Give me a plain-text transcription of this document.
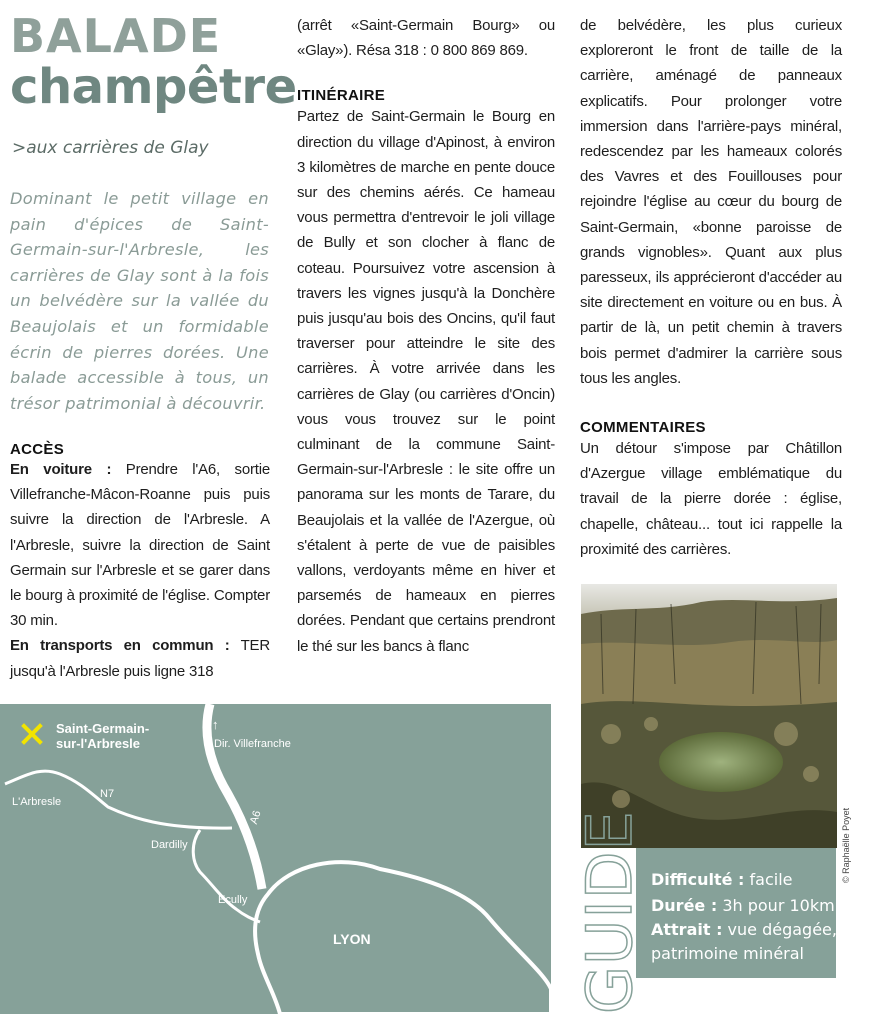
BALADE
champêtre
>aux carrières de Glay

Dominant le petit village en pain d'épices de Saint-Germain-sur-l'Arbresle, les carrières de Glay sont à la fois un belvédère sur la vallée du Beaujolais et un formidable écrin de pierres dorées. Une balade accessible à tous, un trésor patrimonial à découvrir.

ACCÈS

En voiture : Prendre l'A6, sortie Villefranche-Mâcon-Roanne puis puis suivre la direction de l'Arbresle. A l'Arbresle, suivre la direction de Saint Germain sur l'Arbresle et se garer dans le bourg à proximité de l'église. Compter 30 min.

En transports en commun : TER jusqu'à l'Arbresle puis ligne 318

(arrêt «Saint-Germain Bourg» ou «Glay»). Résa 318 : 0 800 869 869.

ITINÉRAIRE

Partez de Saint-Germain le Bourg en direction du village d'Apinost, à environ 3 kilomètres de marche en pente douce sur des chemins aérés. Ce hameau vous permettra d'entrevoir le joli village de Bully et son clocher à flanc de coteau. Poursuivez votre ascension à travers les vignes jusqu'à la Donchère puis jusqu'au bois des Oncins, qu'il faut traverser pour atteindre le site des carrières. À votre arrivée dans les carrières de Glay (ou carrières d'Oncin) vous vous trouvez sur le point culminant de la commune Saint-Germain-sur-l'Arbresle : le site offre un panorama sur les monts de Tarare, du Beaujolais et la vallée de l'Azergue, où s'étalent à perte de vue de paisibles vallons, verdoyants même en hiver et parsemés de hameaux en pierres dorées. Pendant que certains prendront le thé sur les bancs à flanc

de belvédère, les plus curieux exploreront le front de taille de la carrière, aménagé de panneaux explicatifs. Pour prolonger votre immersion dans l'arrière-pays minéral, redescendez par les hameaux colorés des Vavres et des Fouillouses pour rejoindre l'église au cœur du bourg de Saint-Germain, «bonne paroisse de grands vignobles». Quant aux plus paresseux, ils apprécieront d'accéder au site directement en voiture ou en bus. À partir de là, un petit chemin à travers bois permet d'admirer la carrière sous tous les angles.

COMMENTAIRES

Un détour s'impose par Châtillon d'Azergue village emblématique du travail de la pierre dorée : église, chapelle, château... tout ici rappelle la proximité des carrières.

Saint-Germain-
sur-l'Arbresle
↑
Dir. Villefranche
L'Arbresle
N7
A6
Dardilly
Ecully
LYON
© Raphaëlle Poyet
GUIDE Difficulté : facile
Durée : 3h pour 10km
Attrait : vue dégagée,
patrimoine minéral
